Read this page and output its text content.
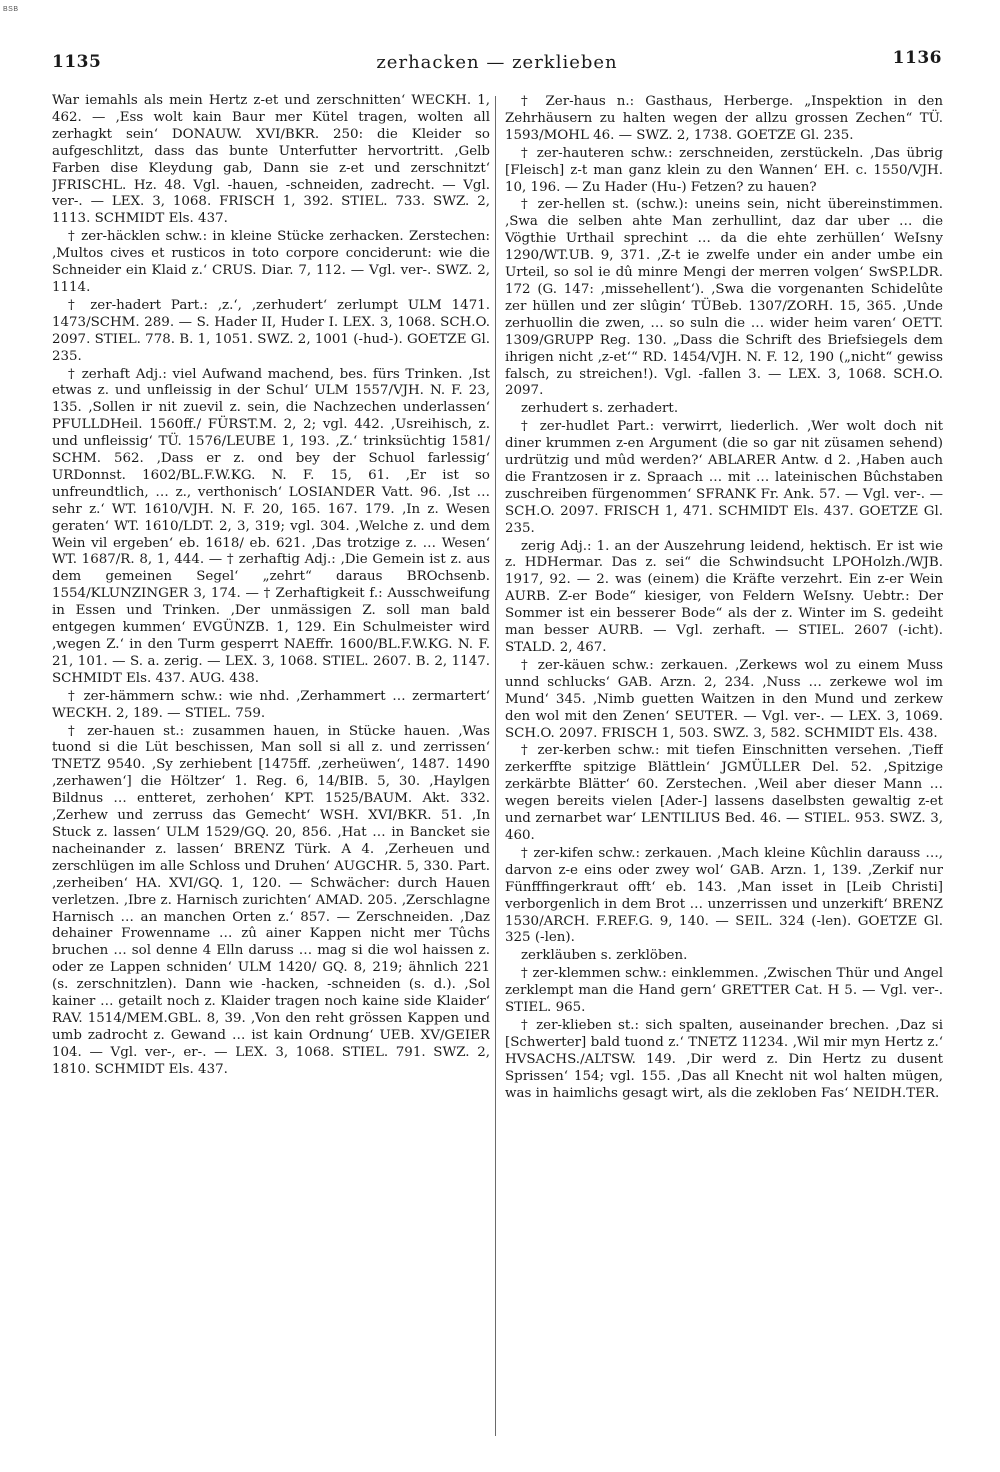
BSB
1135	zerhacken — zerklieben	1136

War iemahls als mein Hertz z-et und zerschnitten‘ WECKH. 1, 462. — ‚Ess wolt kain Baur mer Kütel tragen, wolten all zerhagkt sein‘ DONAUW. XVI/BKR. 250: die Kleider so aufgeschlitzt, dass das bunte Unterfutter hervortritt. ‚Gelb Farben dise Kleydung gab, Dann sie z-et und zerschnitzt‘ JFRISCHL. Hz. 48. Vgl. -hauen, -schneiden, zadrecht. — Vgl. ver-. — LEX. 3, 1068. FRISCH 1, 392. STIEL. 733. SWZ. 2, 1113. SCHMIDT Els. 437.

† zer-häcklen schw.: in kleine Stücke zerhacken. Zerstechen: ‚Multos cives et rusticos in toto corpore conciderunt: wie die Schneider ein Klaid z.‘ CRUS. Diar. 7, 112. — Vgl. ver-. SWZ. 2, 1114.

† zer-hadert Part.: ‚z.‘, ‚zerhudert‘ zerlumpt ULM 1471. 1473/SCHM. 289. — S. Hader II, Huder I. LEX. 3, 1068. SCH.O. 2097. STIEL. 778. B. 1, 1051. SWZ. 2, 1001 (-hud-). GOETZE Gl. 235.

† zerhaft Adj.: viel Aufwand machend, bes. fürs Trinken. ‚Ist etwas z. und unfleissig in der Schul‘ ULM 1557/VJH. N. F. 23, 135. ‚Sollen ir nit zuevil z. sein, die Nachzechen underlassen‘ PFULLDHeil. 1560ff./ FÜRST.M. 2, 2; vgl. 442. ‚Usreihisch, z. und unfleissig‘ TÜ. 1576/LEUBE 1, 193. ‚Z.‘ trinksüchtig 1581/ SCHM. 562. ‚Dass er z. ond bey der Schuol farlessig‘ URDonnst. 1602/BL.F.W.KG. N. F. 15, 61. ‚Er ist so unfreundtlich, … z., verthonisch‘ LOSIANDER Vatt. 96. ‚Ist … sehr z.‘ WT. 1610/VJH. N. F. 20, 165. 167. 179. ‚In z. Wesen geraten‘ WT. 1610/LDT. 2, 3, 319; vgl. 304. ‚Welche z. und dem Wein vil ergeben‘ eb. 1618/ eb. 621. ‚Das trotzige z. … Wesen‘ WT. 1687/R. 8, 1, 444. — † zerhaftig Adj.: ‚Die Gemein ist z. aus dem gemeinen Segel‘ „zehrt“ daraus BROchsenb. 1554/KLUNZINGER 3, 174. — † Zerhaftigkeit f.: Ausschweifung in Essen und Trinken. ‚Der unmässigen Z. soll man bald entgegen kummen‘ EVGÜNZB. 1, 129. Ein Schulmeister wird ‚wegen Z.‘ in den Turm gesperrt NAEffr. 1600/BL.F.W.KG. N. F. 21, 101. — S. a. zerig. — LEX. 3, 1068. STIEL. 2607. B. 2, 1147. SCHMIDT Els. 437. AUG. 438.

† zer-hämmern schw.: wie nhd. ‚Zerhammert … zermartert‘ WECKH. 2, 189. — STIEL. 759.

† zer-hauen st.: zusammen hauen, in Stücke hauen. ‚Was tuond si die Lüt beschissen, Man soll si all z. und zerrissen‘ TNETZ 9540. ‚Sy zerhiebent [1475ff. ‚zerheüwen‘, 1487. 1490 ‚zerhawen‘] die Höltzer‘ 1. Reg. 6, 14/BIB. 5, 30. ‚Haylgen Bildnus … entteret, zerhohen‘ KPT. 1525/BAUM. Akt. 332. ‚Zerhew und zerruss das Gemecht‘ WSH. XVI/BKR. 51. ‚In Stuck z. lassen‘ ULM 1529/GQ. 20, 856. ‚Hat … in Bancket sie nacheinander z. lassen‘ BRENZ Türk. A 4. ‚Zerheuen und zerschlügen im alle Schloss und Druhen‘ AUGCHR. 5, 330. Part. ‚zerheiben‘ HA. XVI/GQ. 1, 120. — Schwächer: durch Hauen verletzen. ‚Ibre z. Harnisch zurichten‘ AMAD. 205. ‚Zerschlagne Harnisch … an manchen Orten z.‘ 857. — Zerschneiden. ‚Daz dehainer Frowenname … zû ainer Kappen nicht mer Tûchs bruchen … sol denne 4 Elln daruss … mag si die wol haissen z. oder ze Lappen schniden‘ ULM 1420/ GQ. 8, 219; ähnlich 221 (s. zerschnitzlen). Dann wie -hacken, -schneiden (s. d.). ‚Sol kainer … getailt noch z. Klaider tragen noch kaine side Klaider‘ RAV. 1514/MEM.GBL. 8, 39. ‚Von den reht grössen Kappen und umb zadrocht z. Gewand … ist kain Ordnung‘ UEB. XV/GEIER 104. — Vgl. ver-, er-. — LEX. 3, 1068. STIEL. 791. SWZ. 2, 1810. SCHMIDT Els. 437.

† Zer-haus n.: Gasthaus, Herberge. „Inspektion in den Zehrhäusern zu halten wegen der allzu grossen Zechen“ TÜ. 1593/MOHL 46. — SWZ. 2, 1738. GOETZE Gl. 235.

† zer-hauteren schw.: zerschneiden, zerstückeln. ‚Das übrig [Fleisch] z-t man ganz klein zu den Wannen‘ EH. c. 1550/VJH. 10, 196. — Zu Hader (Hu-) Fetzen? zu hauen?

† zer-hellen st. (schw.): uneins sein, nicht übereinstimmen. ‚Swa die selben ahte Man zerhullint, daz dar uber … die Vögthie Urthail sprechint … da die ehte zerhüllen‘ WeIsny 1290/WT.UB. 9, 371. ‚Z-t ie zwelfe under ein ander umbe ein Urteil, so sol ie dû minre Mengi der merren volgen‘ SwSP.LDR. 172 (G. 147: ‚missehellent‘). ‚Swa die vorgenanten Schidelûte zer hüllen und zer slûgin‘ TÜBeb. 1307/ZORH. 15, 365. ‚Unde zerhuollin die zwen, … so suln die … wider heim varen‘ OETT. 1309/GRUPP Reg. 130. „Dass die Schrift des Briefsiegels dem ihrigen nicht ‚z-et‘“ RD. 1454/VJH. N. F. 12, 190 („nicht“ gewiss falsch, zu streichen!). Vgl. -fallen 3. — LEX. 3, 1068. SCH.O. 2097.

zerhudert s. zerhadert.

† zer-hudlet Part.: verwirrt, liederlich. ‚Wer wolt doch nit diner krummen z-en Argument (die so gar nit züsamen sehend) urdrützig und mûd werden?‘ ABLARER Antw. d 2. ‚Haben auch die Frantzosen ir z. Spraach … mit … lateinischen Bûchstaben zuschreiben fürgenommen‘ SFRANK Fr. Ank. 57. — Vgl. ver-. — SCH.O. 2097. FRISCH 1, 471. SCHMIDT Els. 437. GOETZE Gl. 235.

zerig Adj.: 1. an der Auszehrung leidend, hektisch. Er ist wie z. HDHermar. Das z. sei“ die Schwindsucht LPOHolzh./WJB. 1917, 92. — 2. was (einem) die Kräfte verzehrt. Ein z-er Wein AURB. Z-er Bode“ kiesiger, von Feldern WeIsny. Uebtr.: Der Sommer ist ein besserer Bode“ als der z. Winter im S. gedeiht man besser AURB. — Vgl. zerhaft. — STIEL. 2607 (-icht). STALD. 2, 467.

† zer-käuen schw.: zerkauen. ‚Zerkews wol zu einem Muss unnd schlucks‘ GAB. Arzn. 2, 234. ‚Nuss … zerkewe wol im Mund‘ 345. ‚Nimb guetten Waitzen in den Mund und zerkew den wol mit den Zenen‘ SEUTER. — Vgl. ver-. — LEX. 3, 1069. SCH.O. 2097. FRISCH 1, 503. SWZ. 3, 582. SCHMIDT Els. 438.

† zer-kerben schw.: mit tiefen Einschnitten versehen. ‚Tieff zerkerffte spitzige Blättlein‘ JGMÜLLER Del. 52. ‚Spitzige zerkärbte Blätter‘ 60. Zerstechen. ‚Weil aber dieser Mann … wegen bereits vielen [Ader-] lassens daselbsten gewaltig z-et und zernarbet war‘ LENTILIUS Bed. 46. — STIEL. 953. SWZ. 3, 460.

† zer-kifen schw.: zerkauen. ‚Mach kleine Kûchlin darauss …, darvon z-e eins oder zwey wol‘ GAB. Arzn. 1, 139. ‚Zerkif nur Fünfffingerkraut offt‘ eb. 143. ‚Man isset in [Leib Christi] verborgenlich in dem Brot … unzerrissen und unzerkift‘ BRENZ 1530/ARCH. F.REF.G. 9, 140. — SEIL. 324 (-len). GOETZE Gl. 325 (-len).

zerkläuben s. zerklöben.

† zer-klemmen schw.: einklemmen. ‚Zwischen Thür und Angel zerklempt man die Hand gern‘ GRETTER Cat. H 5. — Vgl. ver-. STIEL. 965.

† zer-klieben st.: sich spalten, auseinander brechen. ‚Daz si [Schwerter] bald tuond z.‘ TNETZ 11234. ‚Wil mir myn Hertz z.‘ HVSACHS./ALTSW. 149. ‚Dir werd z. Din Hertz zu dusent Sprissen‘ 154; vgl. 155. ‚Das all Knecht nit wol halten mügen, was in haimlichs gesagt wirt, als die zekloben Fas‘ NEIDH.TER.
